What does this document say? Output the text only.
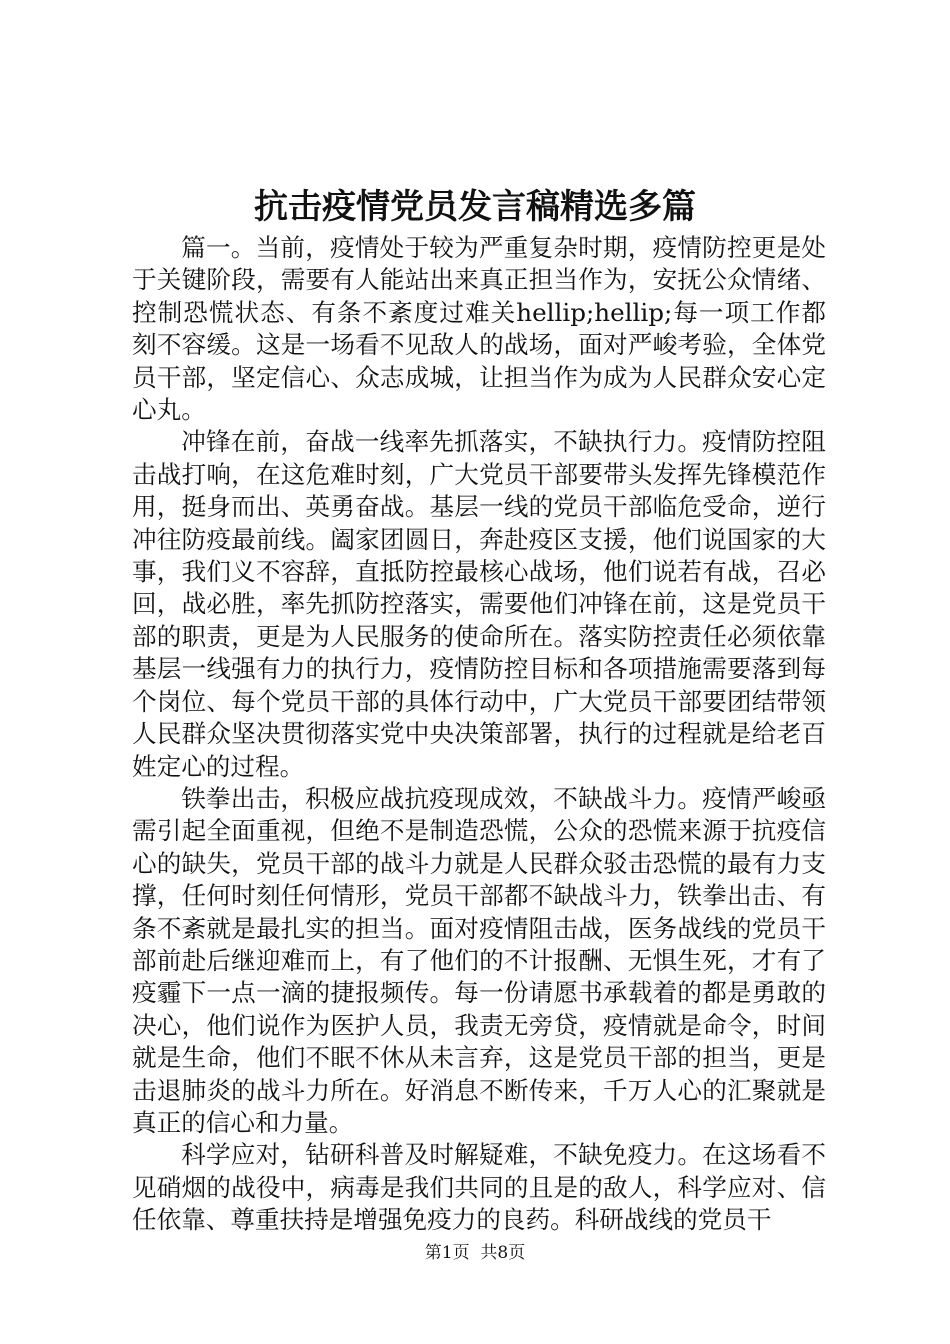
抗击疫情党员发言稿精选多篇

篇一。当前，疫情处于较为严重复杂时期，疫情防控更是处于关键阶段，需要有人能站出来真正担当作为，安抚公众情绪、控制恐慌状态、有条不紊度过难关hellip;hellip;每一项工作都刻不容缓。这是一场看不见敌人的战场，面对严峻考验，全体党员干部，坚定信心、众志成城，让担当作为成为人民群众安心定心丸。

冲锋在前，奋战一线率先抓落实，不缺执行力。疫情防控阻击战打响，在这危难时刻，广大党员干部要带头发挥先锋模范作用，挺身而出、英勇奋战。基层一线的党员干部临危受命，逆行冲往防疫最前线。阖家团圆日，奔赴疫区支援，他们说国家的大事，我们义不容辞，直抵防控最核心战场，他们说若有战，召必回，战必胜，率先抓防控落实，需要他们冲锋在前，这是党员干部的职责，更是为人民服务的使命所在。落实防控责任必须依靠基层一线强有力的执行力，疫情防控目标和各项措施需要落到每个岗位、每个党员干部的具体行动中，广大党员干部要团结带领人民群众坚决贯彻落实党中央决策部署，执行的过程就是给老百姓定心的过程。

铁拳出击，积极应战抗疫现成效，不缺战斗力。疫情严峻亟需引起全面重视，但绝不是制造恐慌，公众的恐慌来源于抗疫信心的缺失，党员干部的战斗力就是人民群众驳击恐慌的最有力支撑，任何时刻任何情形，党员干部都不缺战斗力，铁拳出击、有条不紊就是最扎实的担当。面对疫情阻击战，医务战线的党员干部前赴后继迎难而上，有了他们的不计报酬、无惧生死，才有了疫霾下一点一滴的捷报频传。每一份请愿书承载着的都是勇敢的决心，他们说作为医护人员，我责无旁贷，疫情就是命令，时间就是生命，他们不眠不休从未言弃，这是党员干部的担当，更是击退肺炎的战斗力所在。好消息不断传来，千万人心的汇聚就是真正的信心和力量。

科学应对，钻研科普及时解疑难，不缺免疫力。在这场看不见硝烟的战役中，病毒是我们共同的且是的敌人，科学应对、信任依靠、尊重扶持是增强免疫力的良药。科研战线的党员干

第1页 共8页
